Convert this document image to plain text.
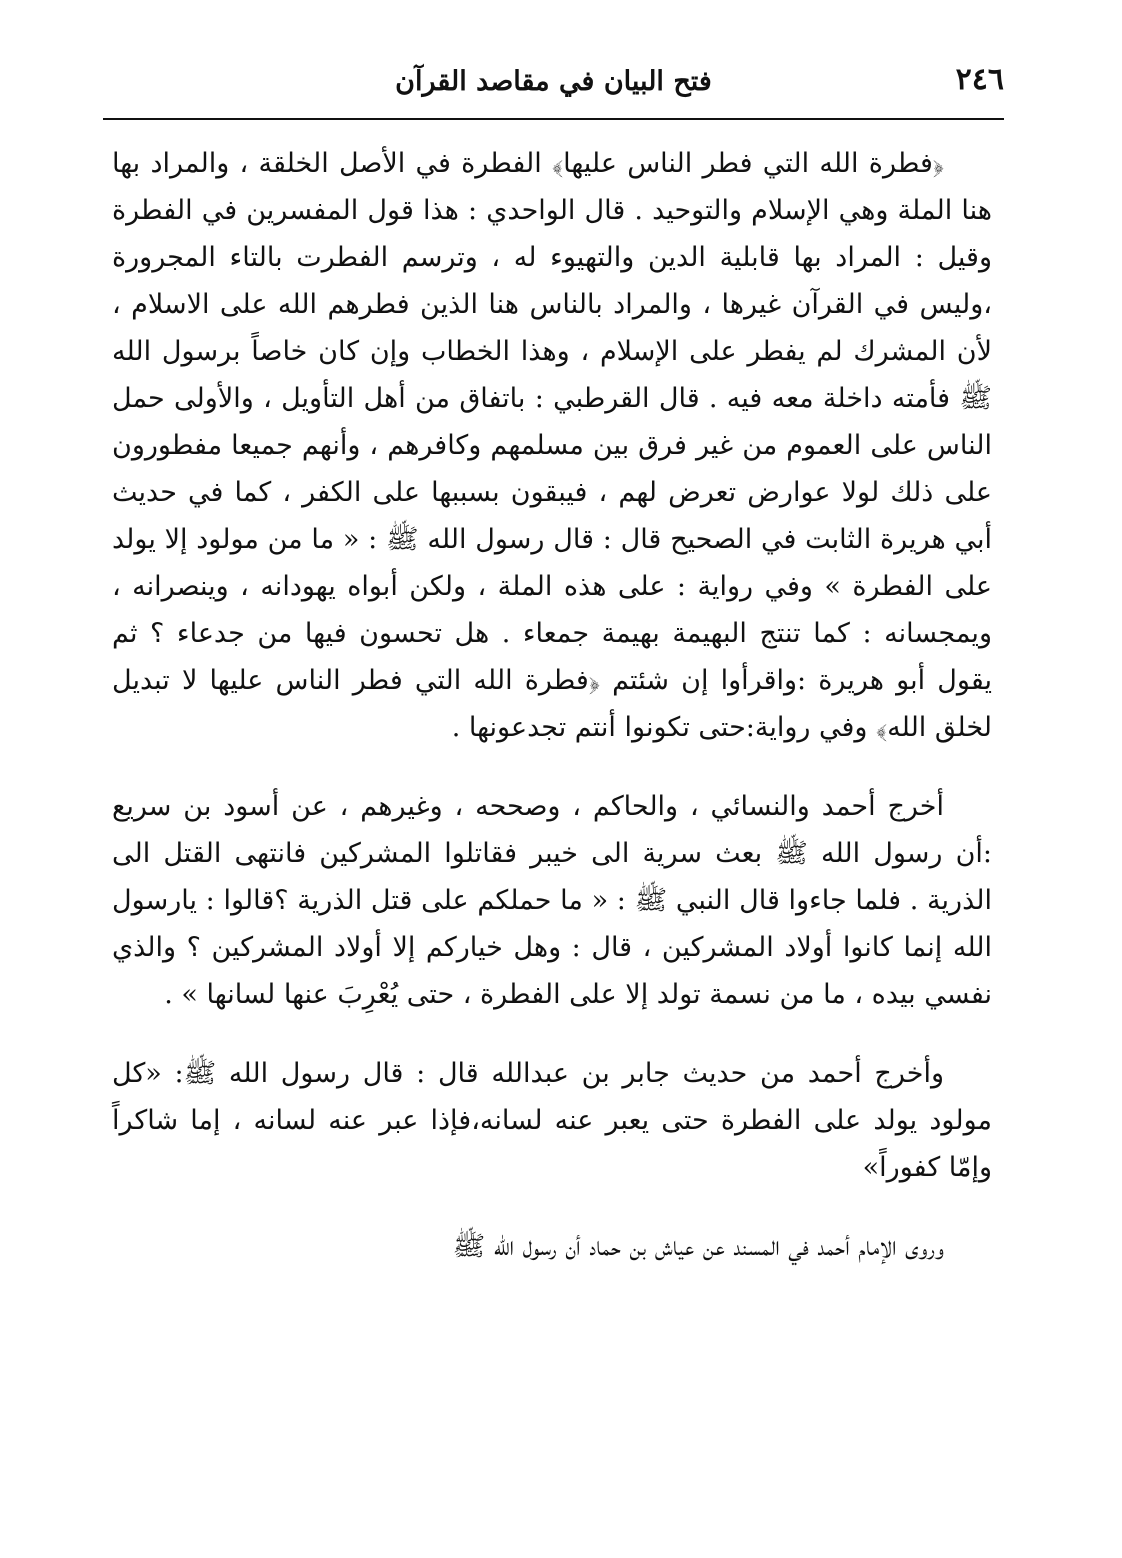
٢٤٦
فتح البيان في مقاصد القرآن

﴿فطرة الله التي فطر الناس عليها﴾ الفطرة في الأصل الخلقة ، والمراد بها هنا الملة وهي الإسلام والتوحيد . قال الواحدي : هذا قول المفسرين في الفطرة وقيل : المراد بها قابلية الدين والتهيوء له ، وترسم الفطرت بالتاء المجرورة ،وليس في القرآن غيرها ، والمراد بالناس هنا الذين فطرهم الله على الاسلام ، لأن المشرك لم يفطر على الإسلام ، وهذا الخطاب وإن كان خاصاً برسول الله ﷺ فأمته داخلة معه فيه . قال القرطبي : باتفاق من أهل التأويل ، والأولى حمل الناس على العموم من غير فرق بين مسلمهم وكافرهم ، وأنهم جميعا مفطورون على ذلك لولا عوارض تعرض لهم ، فيبقون بسببها على الكفر ، كما في حديث أبي هريرة الثابت في الصحيح قال : قال رسول الله ﷺ : « ما من مولود إلا يولد على الفطرة » وفي رواية : على هذه الملة ، ولكن أبواه يهودانه ، وينصرانه ، ويمجسانه : كما تنتج البهيمة بهيمة جمعاء . هل تحسون فيها من جدعاء ؟ ثم يقول أبو هريرة :واقرأوا إن شئتم ﴿فطرة الله التي فطر الناس عليها لا تبديل لخلق الله﴾ وفي رواية:حتى تكونوا أنتم تجدعونها .

أخرج أحمد والنسائي ، والحاكم ، وصححه ، وغيرهم ، عن أسود بن سريع :أن رسول الله ﷺ بعث سرية الى خيبر فقاتلوا المشركين فانتهى القتل الى الذرية . فلما جاءوا قال النبي ﷺ : « ما حملكم على قتل الذرية ؟قالوا : يارسول الله إنما كانوا أولاد المشركين ، قال : وهل خياركم إلا أولاد المشركين ؟ والذي نفسي بيده ، ما من نسمة تولد إلا على الفطرة ، حتى يُعْرِبَ عنها لسانها » .

وأخرج أحمد من حديث جابر بن عبدالله قال : قال رسول الله ﷺ: «كل مولود يولد على الفطرة حتى يعبر عنه لسانه،فإذا عبر عنه لسانه ، إما شاكراً وإمّا كفوراً»

وروى الإمام أحمد في المسند عن عياش بن حماد أن رسول الله ﷺ
